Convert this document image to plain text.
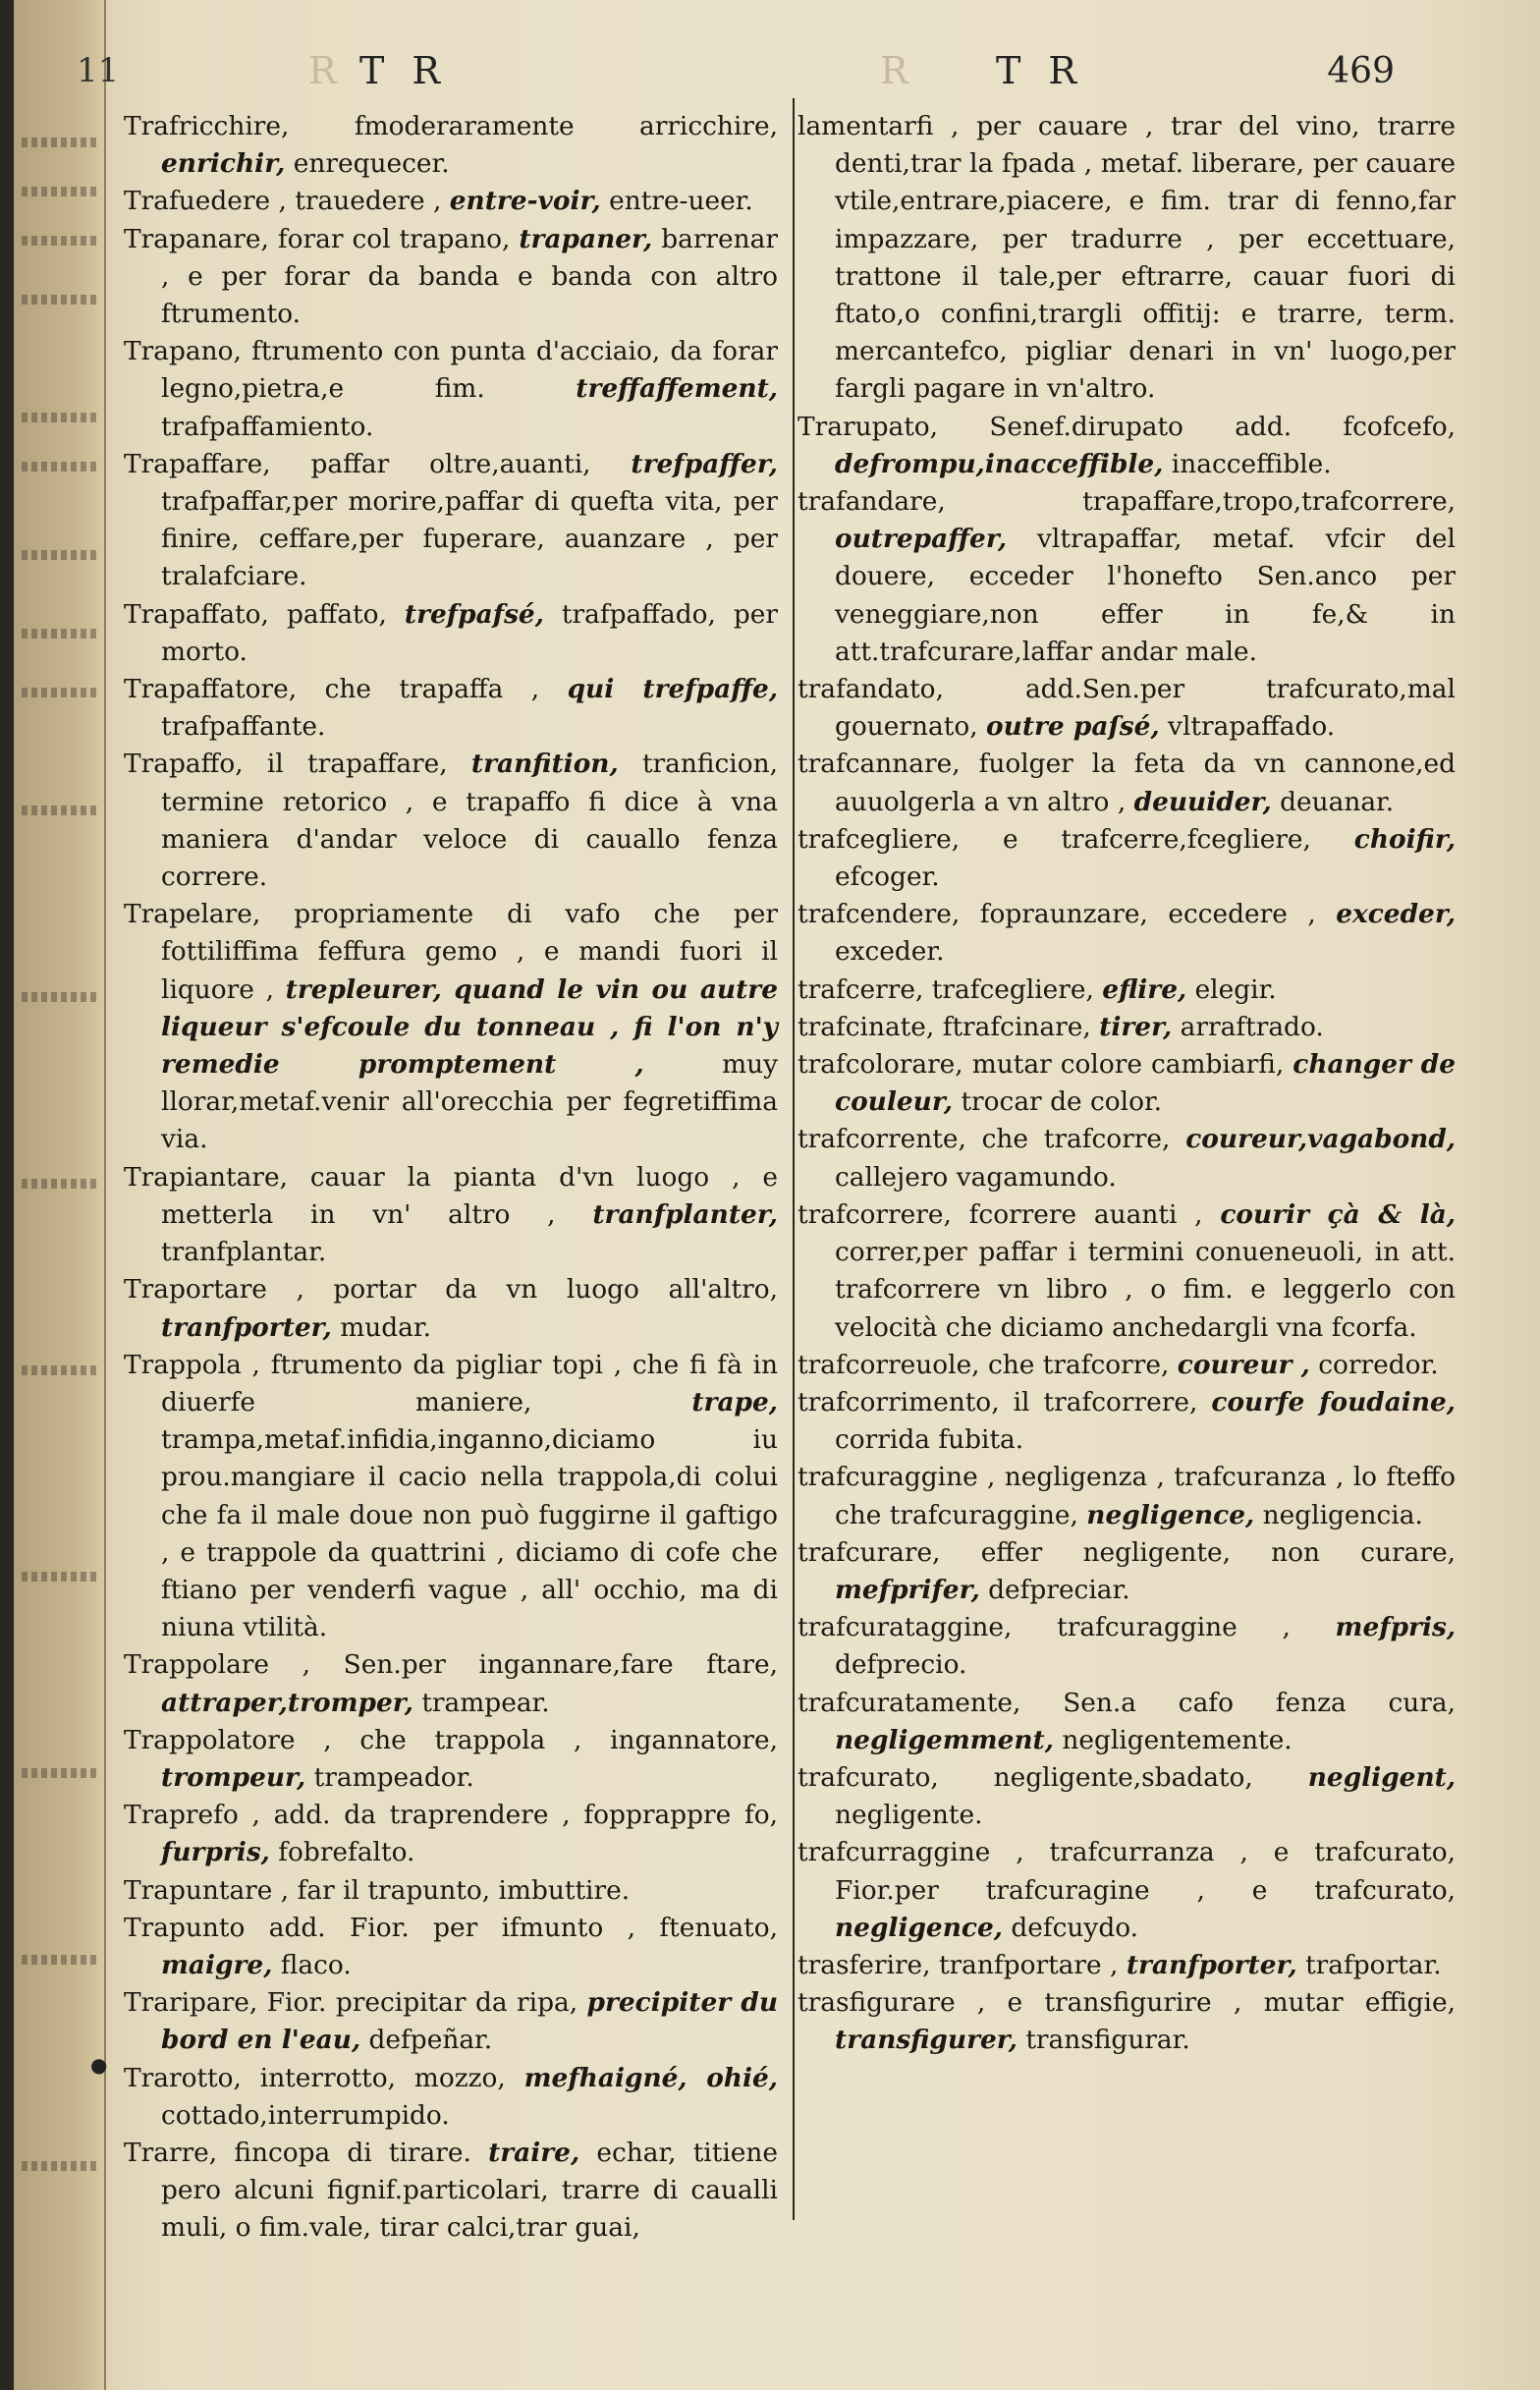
11	R T R	R T R	469
●

Trafricchire,	fmoderaramente arricchire, enrichir, enrequecer.

Trafuedere , trauedere , entre-voir, entre-ueer.

Trapanare, forar col trapano, trapaner, barrenar , e per forar da banda e banda con altro ftrumento.

Trapano, ftrumento con punta d'acciaio, da forar legno,pietra,e fim.	treffaffement, trafpaffamiento.

Trapaffare, paffar oltre,auanti, trefpaffer, trafpaffar,per morire,paffar di quefta vita, per finire, ceffare,per fuperare, auanzare , per tralafciare.

Trapaffato, paffato, trefpafsé, trafpaffado, per morto.

Trapaffatore, che trapaffa , qui trefpaffe, trafpaffante.

Trapaffo, il trapaffare, tranfition, tranficion, termine retorico , e trapaffo fi dice à vna maniera d'andar veloce di cauallo fenza correre.

Trapelare, propriamente di vafo che per fottiliffima feffura gemo , e mandi fuori il liquore , trepleurer, quand le vin ou autre liqueur s'efcoule du tonneau , fi l'on n'y remedie promptement ,	muy llorar,metaf.venir all'orecchia per fegretiffima via.

Trapiantare, cauar la pianta d'vn luogo , e metterla in vn' altro , tranfplanter, tranfplantar.

Traportare , portar da vn luogo all'altro, tranfporter, mudar.

Trappola , ftrumento da pigliar topi , che fi fà in diuerfe maniere,	trape, trampa,metaf.infidia,inganno,diciamo iu prou.mangiare il cacio nella trappola,di colui che fa il male doue non può fuggirne il gaftigo , e trappole da quattrini , diciamo di cofe che ftiano per venderfi vague , all' occhio, ma di niuna vtilità.

Trappolare , Sen.per ingannare,fare ftare, attraper,tromper, trampear.

Trappolatore , che trappola , ingannatore, trompeur, trampeador.

Traprefo , add. da traprendere , fopprappre fo, furpris, fobrefalto.

Trapuntare , far il trapunto, imbuttire.

Trapunto add. Fior. per ifmunto , ftenuato, maigre, flaco.

Traripare, Fior. precipitar da ripa, precipiter du bord en l'eau, defpeñar.

Trarotto, interrotto, mozzo, mefhaigné, ohié, cottado,interrumpido.

Trarre, fincopa di tirare. traire, echar, titiene pero alcuni fignif.particolari, trarre di caualli muli, o fim.vale, tirar calci,trar guai,

lamentarfi , per cauare , trar del vino, trarre denti,trar la fpada , metaf. liberare, per cauare vtile,entrare,piacere, e fim. trar di fenno,far impazzare, per tradurre , per eccettuare, trattone il tale,per eftrarre, cauar fuori di ftato,o confini,trargli offitij: e trarre, term. mercantefco, pigliar denari in vn' luogo,per fargli pagare in vn'altro.

Trarupato, Senef.dirupato add. fcofcefo, defrompu,inacceffible, inacceffible.

trafandare,	trapaffare,tropo,trafcorrere, outrepaffer, vltrapaffar, metaf. vfcir del douere, ecceder l'honefto Sen.anco per veneggiare,non effer in fe,& in att.trafcurare,laffar andar male.

trafandato,	add.Sen.per trafcurato,mal gouernato, outre paſsé, vltrapaffado.

trafcannare, fuolger la feta da vn cannone,ed auuolgerla a vn altro , deuuider, deuanar.

trafcegliere, e trafcerre,fcegliere, choifir, efcoger.

trafcendere, fopraunzare, eccedere , exceder, exceder.

trafcerre, trafcegliere, eflire, elegir.

trafcinate, ftrafcinare, tirer, arraftrado.

trafcolorare, mutar colore cambiarfi, changer de couleur, trocar de color.

trafcorrente, che trafcorre, coureur,vagabond, callejero vagamundo.

trafcorrere, fcorrere auanti , courir çà & là, correr,per paffar i termini conueneuoli, in att. trafcorrere vn libro , o fim. e leggerlo con velocità che diciamo anchedargli vna fcorfa.

trafcorreuole, che trafcorre, coureur , corredor.

trafcorrimento, il trafcorrere, courfe foudaine, corrida fubita.

trafcuraggine , negligenza , trafcuranza , lo fteffo che trafcuraggine, negligence, negligencia.

trafcurare, effer negligente, non curare, mefprifer, defpreciar.

trafcurataggine, trafcuraggine , mefpris, defprecio.

trafcuratamente, Sen.a cafo fenza cura, negligemment, negligentemente.

trafcurato, negligente,sbadato, negligent, negligente.

trafcurraggine , trafcurranza , e trafcurato, Fior.per trafcuragine , e trafcurato, negligence, defcuydo.

trasferire, tranfportare , tranfporter, trafportar.

trasfigurare , e transfigurire , mutar effigie, transfigurer, transfigurar.
